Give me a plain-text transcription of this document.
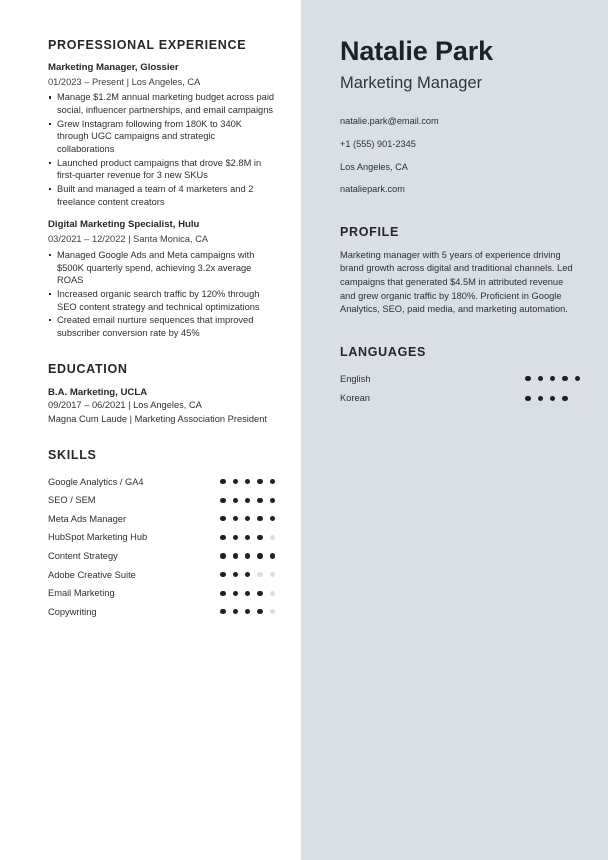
PROFESSIONAL EXPERIENCE
Marketing Manager, Glossier
01/2023 – Present | Los Angeles, CA
Manage $1.2M annual marketing budget across paid social, influencer partnerships, and email campaigns
Grew Instagram following from 180K to 340K through UGC campaigns and strategic collaborations
Launched product campaigns that drove $2.8M in first-quarter revenue for 3 new SKUs
Built and managed a team of 4 marketers and 2 freelance content creators
Digital Marketing Specialist, Hulu
03/2021 – 12/2022 | Santa Monica, CA
Managed Google Ads and Meta campaigns with $500K quarterly spend, achieving 3.2x average ROAS
Increased organic search traffic by 120% through SEO content strategy and technical optimizations
Created email nurture sequences that improved subscriber conversion rate by 45%
EDUCATION
B.A. Marketing, UCLA
09/2017 – 06/2021 | Los Angeles, CA
Magna Cum Laude | Marketing Association President
SKILLS
Google Analytics / GA4
SEO / SEM
Meta Ads Manager
HubSpot Marketing Hub
Content Strategy
Adobe Creative Suite
Email Marketing
Copywriting
Natalie Park
Marketing Manager
natalie.park@email.com
+1 (555) 901-2345
Los Angeles, CA
nataliepark.com
PROFILE
Marketing manager with 5 years of experience driving brand growth across digital and traditional channels. Led campaigns that generated $4.5M in attributed revenue and grew organic traffic by 180%. Proficient in Google Analytics, SEO, paid media, and marketing automation.
LANGUAGES
English
Korean
